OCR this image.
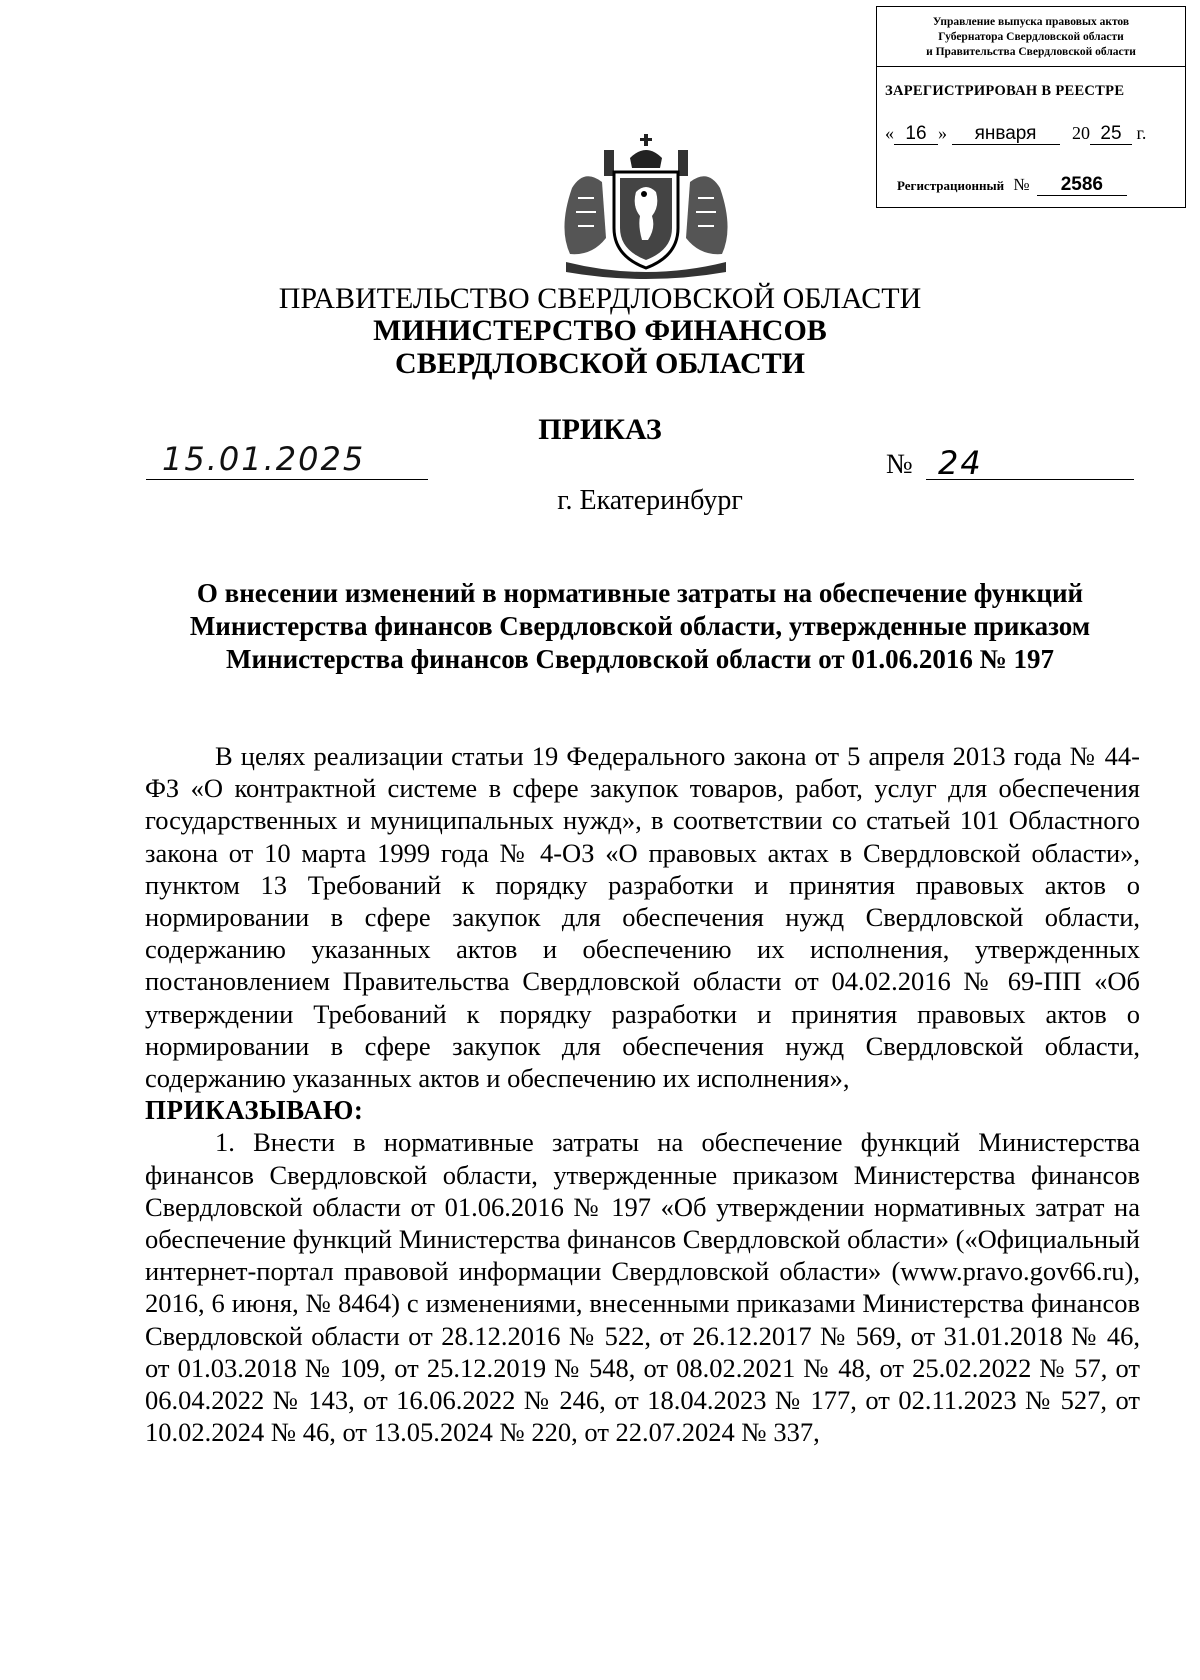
Управление выпуска правовых актов
Губернатора Свердловской области
и Правительства Свердловской области
ЗАРЕГИСТРИРОВАН В РЕЕСТРЕ
« 16 » января 20 25 г.
Регистрационный № 2586
ПРАВИТЕЛЬСТВО СВЕРДЛОВСКОЙ ОБЛАСТИ
МИНИСТЕРСТВО ФИНАНСОВ
СВЕРДЛОВСКОЙ ОБЛАСТИ
ПРИКАЗ
15.01.2025	№ 24
г. Екатеринбург
О внесении изменений в нормативные затраты на обеспечение функций Министерства финансов Свердловской области, утвержденные приказом Министерства финансов Свердловской области от 01.06.2016 № 197

В целях реализации статьи 19 Федерального закона от 5 апреля 2013 года № 44-ФЗ «О контрактной системе в сфере закупок товаров, работ, услуг для обеспечения государственных и муниципальных нужд», в соответствии со статьей 101 Областного закона от 10 марта 1999 года № 4-ОЗ «О правовых актах в Свердловской области», пунктом 13 Требований к порядку разработки и принятия правовых актов о нормировании в сфере закупок для обеспечения нужд Свердловской области, содержанию указанных актов и обеспечению их исполнения, утвержденных постановлением Правительства Свердловской области от 04.02.2016 № 69-ПП «Об утверждении Требований к порядку разработки и принятия правовых актов о нормировании в сфере закупок для обеспечения нужд Свердловской области, содержанию указанных актов и обеспечению их исполнения»,

ПРИКАЗЫВАЮ:

1. Внести в нормативные затраты на обеспечение функций Министерства финансов Свердловской области, утвержденные приказом Министерства финансов Свердловской области от 01.06.2016 № 197 «Об утверждении нормативных затрат на обеспечение функций Министерства финансов Свердловской области» («Официальный интернет-портал правовой информации Свердловской области» (www.pravo.gov66.ru), 2016, 6 июня, № 8464) с изменениями, внесенными приказами Министерства финансов Свердловской области от 28.12.2016 № 522, от 26.12.2017 № 569, от 31.01.2018 № 46, от 01.03.2018 № 109, от 25.12.2019 № 548, от 08.02.2021 № 48, от 25.02.2022 № 57, от 06.04.2022 № 143, от 16.06.2022 № 246, от 18.04.2023 № 177, от 02.11.2023 № 527, от 10.02.2024 № 46, от 13.05.2024 № 220, от 22.07.2024 № 337,
